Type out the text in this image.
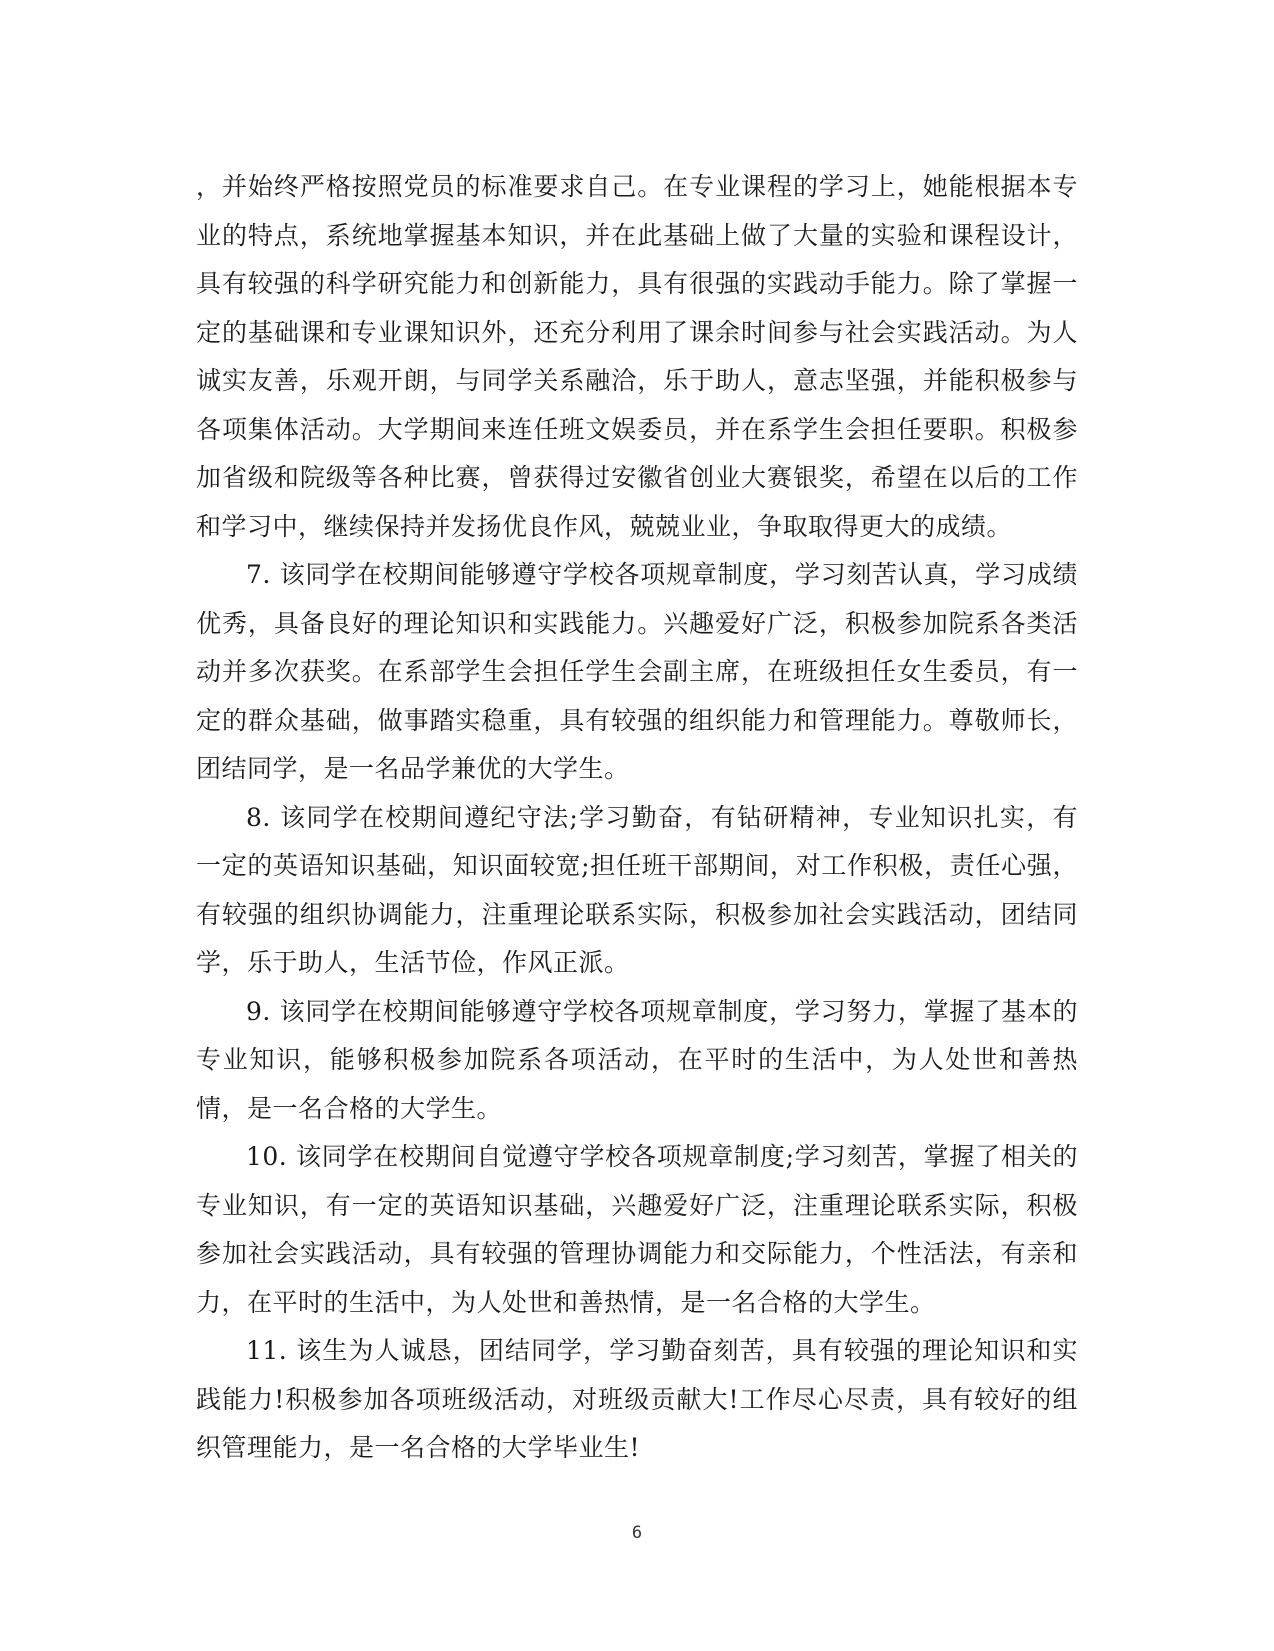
，并始终严格按照党员的标准要求自己。在专业课程的学习上，她能根据本专业的特点，系统地掌握基本知识，并在此基础上做了大量的实验和课程设计，具有较强的科学研究能力和创新能力，具有很强的实践动手能力。除了掌握一定的基础课和专业课知识外，还充分利用了课余时间参与社会实践活动。为人诚实友善，乐观开朗，与同学关系融洽，乐于助人，意志坚强，并能积极参与各项集体活动。大学期间来连任班文娱委员，并在系学生会担任要职。积极参加省级和院级等各种比赛，曾获得过安徽省创业大赛银奖，希望在以后的工作和学习中，继续保持并发扬优良作风，兢兢业业，争取取得更大的成绩。

7. 该同学在校期间能够遵守学校各项规章制度，学习刻苦认真，学习成绩优秀，具备良好的理论知识和实践能力。兴趣爱好广泛，积极参加院系各类活动并多次获奖。在系部学生会担任学生会副主席，在班级担任女生委员，有一定的群众基础，做事踏实稳重，具有较强的组织能力和管理能力。尊敬师长，团结同学，是一名品学兼优的大学生。

8. 该同学在校期间遵纪守法;学习勤奋，有钻研精神，专业知识扎实，有一定的英语知识基础，知识面较宽;担任班干部期间，对工作积极，责任心强，有较强的组织协调能力，注重理论联系实际，积极参加社会实践活动，团结同学，乐于助人，生活节俭，作风正派。

9. 该同学在校期间能够遵守学校各项规章制度，学习努力，掌握了基本的专业知识，能够积极参加院系各项活动，在平时的生活中，为人处世和善热情，是一名合格的大学生。

10. 该同学在校期间自觉遵守学校各项规章制度;学习刻苦，掌握了相关的专业知识，有一定的英语知识基础，兴趣爱好广泛，注重理论联系实际，积极参加社会实践活动，具有较强的管理协调能力和交际能力，个性活法，有亲和力，在平时的生活中，为人处世和善热情，是一名合格的大学生。

11. 该生为人诚恳，团结同学，学习勤奋刻苦，具有较强的理论知识和实践能力!积极参加各项班级活动，对班级贡献大!工作尽心尽责，具有较好的组织管理能力，是一名合格的大学毕业生!

6
